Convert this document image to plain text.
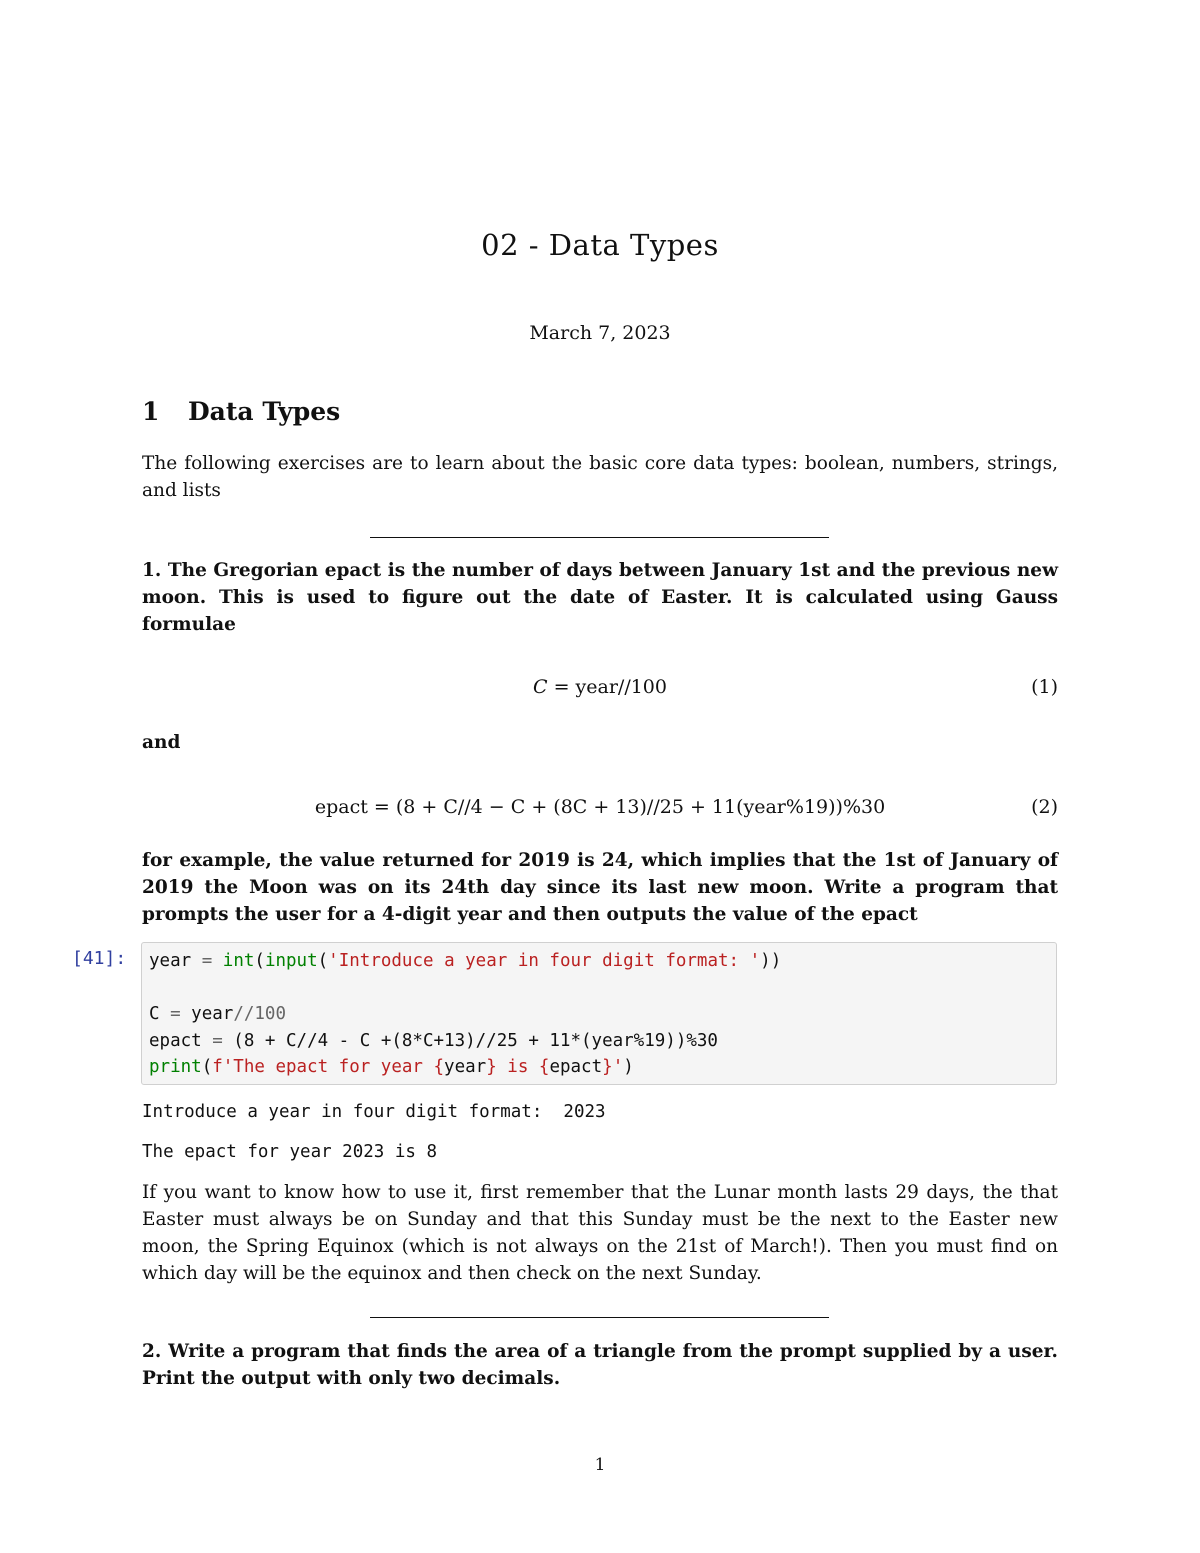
02 - Data Types
March 7, 2023
1 Data Types
The following exercises are to learn about the basic core data types: boolean, numbers, strings, and lists
1. The Gregorian epact is the number of days between January 1st and the previous new moon. This is used to figure out the date of Easter. It is calculated using Gauss formulae
C = year//100	(1)
and
epact = (8 + C//4 − C + (8C + 13)//25 + 11(year%19))%30	(2)
for example, the value returned for 2019 is 24, which implies that the 1st of January of 2019 the Moon was on its 24th day since its last new moon. Write a program that prompts the user for a 4-digit year and then outputs the value of the epact
[41]: year = int(input('Introduce a year in four digit format: '))

C = year//100
epact = (8 + C//4 - C +(8*C+13)//25 + 11*(year%19))%30
print(f'The epact for year {year} is {epact}')
Introduce a year in four digit format:  2023
The epact for year 2023 is 8
If you want to know how to use it, first remember that the Lunar month lasts 29 days, the that Easter must always be on Sunday and that this Sunday must be the next to the Easter new moon, the Spring Equinox (which is not always on the 21st of March!). Then you must find on which day will be the equinox and then check on the next Sunday.
2. Write a program that finds the area of a triangle from the prompt supplied by a user. Print the output with only two decimals.
1
